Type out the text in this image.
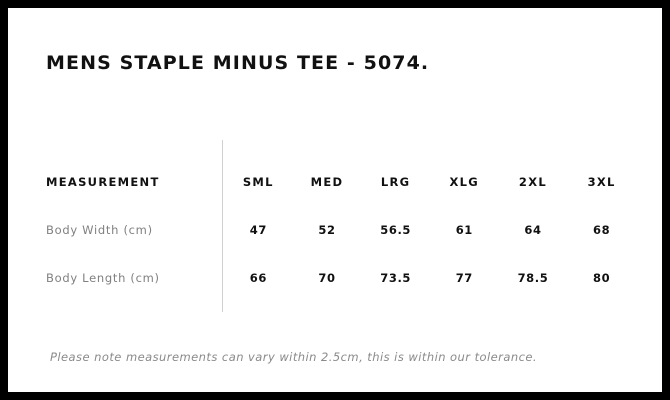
MENS STAPLE MINUS TEE - 5074.
MEASUREMENT	SML	MED	LRG	XLG	2XL	3XL
Body Width (cm)	47	52	56.5	61	64	68
Body Length (cm)	66	70	73.5	77	78.5	80
Please note measurements can vary within 2.5cm, this is within our tolerance.
